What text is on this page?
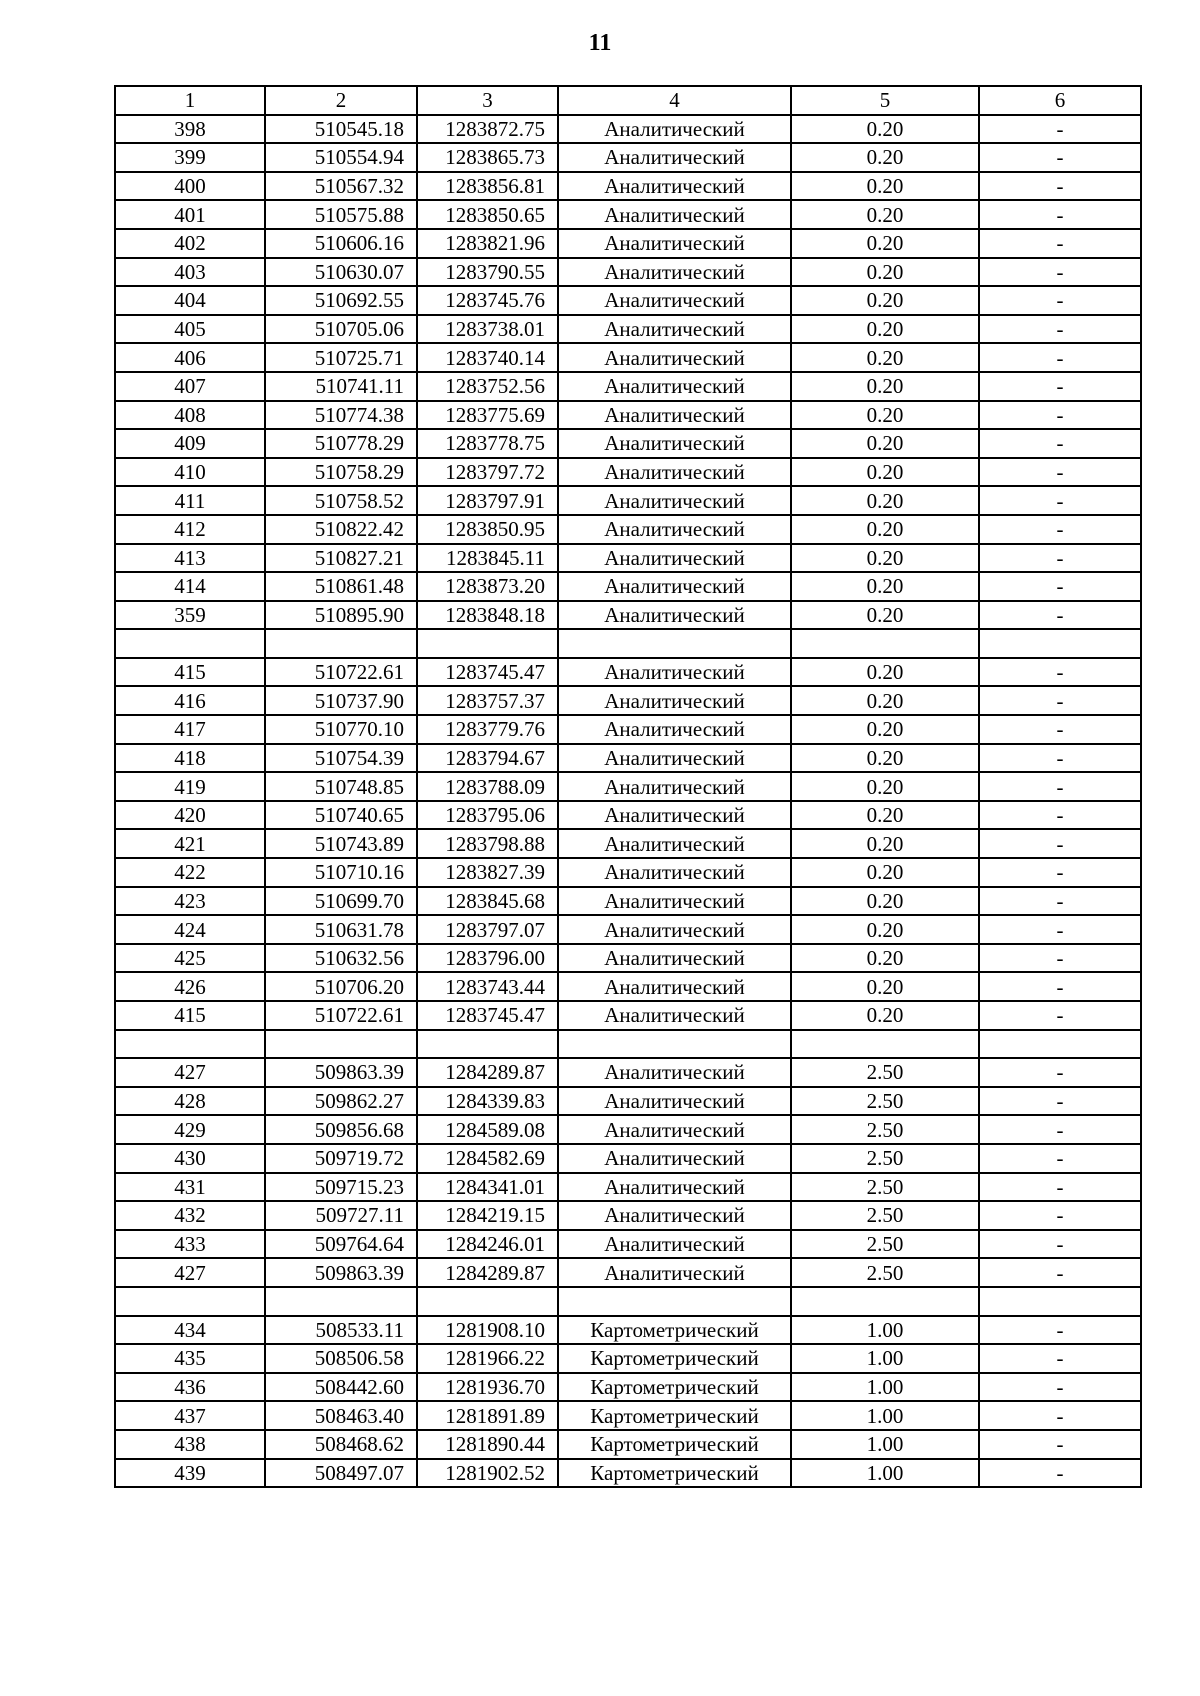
11
1	2	3	4	5	6
398	510545.18	1283872.75	Аналитический	0.20	-
399	510554.94	1283865.73	Аналитический	0.20	-
400	510567.32	1283856.81	Аналитический	0.20	-
401	510575.88	1283850.65	Аналитический	0.20	-
402	510606.16	1283821.96	Аналитический	0.20	-
403	510630.07	1283790.55	Аналитический	0.20	-
404	510692.55	1283745.76	Аналитический	0.20	-
405	510705.06	1283738.01	Аналитический	0.20	-
406	510725.71	1283740.14	Аналитический	0.20	-
407	510741.11	1283752.56	Аналитический	0.20	-
408	510774.38	1283775.69	Аналитический	0.20	-
409	510778.29	1283778.75	Аналитический	0.20	-
410	510758.29	1283797.72	Аналитический	0.20	-
411	510758.52	1283797.91	Аналитический	0.20	-
412	510822.42	1283850.95	Аналитический	0.20	-
413	510827.21	1283845.11	Аналитический	0.20	-
414	510861.48	1283873.20	Аналитический	0.20	-
359	510895.90	1283848.18	Аналитический	0.20	-

415	510722.61	1283745.47	Аналитический	0.20	-
416	510737.90	1283757.37	Аналитический	0.20	-
417	510770.10	1283779.76	Аналитический	0.20	-
418	510754.39	1283794.67	Аналитический	0.20	-
419	510748.85	1283788.09	Аналитический	0.20	-
420	510740.65	1283795.06	Аналитический	0.20	-
421	510743.89	1283798.88	Аналитический	0.20	-
422	510710.16	1283827.39	Аналитический	0.20	-
423	510699.70	1283845.68	Аналитический	0.20	-
424	510631.78	1283797.07	Аналитический	0.20	-
425	510632.56	1283796.00	Аналитический	0.20	-
426	510706.20	1283743.44	Аналитический	0.20	-
415	510722.61	1283745.47	Аналитический	0.20	-

427	509863.39	1284289.87	Аналитический	2.50	-
428	509862.27	1284339.83	Аналитический	2.50	-
429	509856.68	1284589.08	Аналитический	2.50	-
430	509719.72	1284582.69	Аналитический	2.50	-
431	509715.23	1284341.01	Аналитический	2.50	-
432	509727.11	1284219.15	Аналитический	2.50	-
433	509764.64	1284246.01	Аналитический	2.50	-
427	509863.39	1284289.87	Аналитический	2.50	-

434	508533.11	1281908.10	Картометрический	1.00	-
435	508506.58	1281966.22	Картометрический	1.00	-
436	508442.60	1281936.70	Картометрический	1.00	-
437	508463.40	1281891.89	Картометрический	1.00	-
438	508468.62	1281890.44	Картометрический	1.00	-
439	508497.07	1281902.52	Картометрический	1.00	-
